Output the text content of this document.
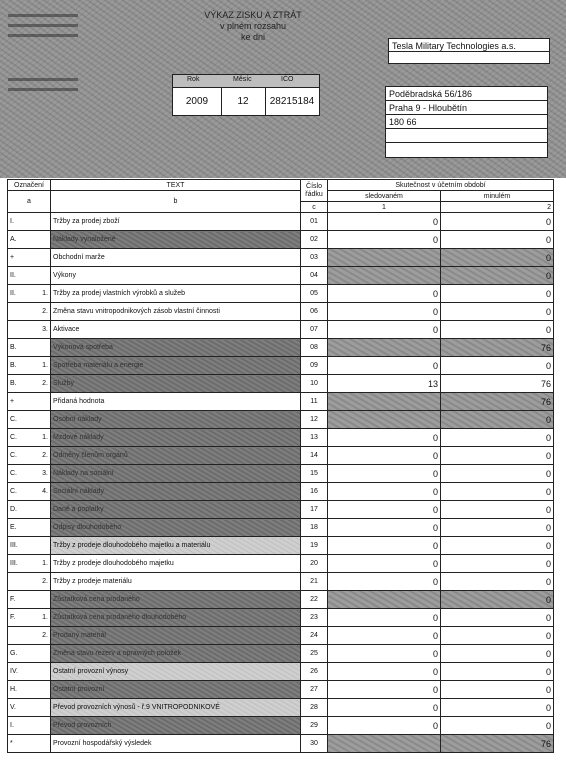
VÝKAZ ZISKU A ZTRÁT
v plném rozsahu
ke dni
Tesla Military Technologies a.s.
Rok	Měsíc	IČO
2009	12	28215184
Poděbradská 56/186
Praha 9 - Hloubětín
180 66
Označení	TEXT	Číslo řádku	Skutečnost v účetním období	
a	b		sledovaném	minulém
		c	1	2
I.	Tržby za prodej zboží	01	0	0
A.	Náklady vynaložené	02	0	0
+	Obchodní marže	03		0
II.	Výkony	04		0
II. 1.	Tržby za prodej vlastních výrobků a služeb	05	0	0

2.	Změna stavu vnitropodnikových zásob vlastní činnosti	06	0	0

3.	Aktivace	07	0	0
B.	Výkonová spotřeba	08		76
B. 1.	Spotřeba materiálu a energie	09	0	0
B. 2.	Služby	10	13	76
+	Přidaná hodnota	11		76
C.	Osobní náklady	12		0
C. 1.	Mzdové náklady	13	0	0
C. 2.	Odměny členům orgánů	14	0	0
C. 3.	Náklady na sociální	15	0	0
C. 4.	Sociální náklady	16	0	0
D.	Daně a poplatky	17	0	0
E.	Odpisy dlouhodobého	18	0	0
III.	Tržby z prodeje dlouhodobého majetku a materiálu	19	0	0
III. 1.	Tržby z prodeje dlouhodobého majetku	20	0	0

2.	Tržby z prodeje materiálu	21	0	0
F.	Zůstatková cena prodaného	22		0
F. 1.	Zůstatková cena prodaného dlouhodobého	23	0	0

2.	Prodaný materiál	24	0	0
G.	Změna stavu rezerv a opravných položek	25	0	0
IV.	Ostatní provozní výnosy	26	0	0
H.	Ostatní provozní	27	0	0
V.	Převod provozních výnosů - ř.9 VNITROPODNIKOVÉ	28	0	0
I.	Převod provozních	29	0	0
*	Provozní hospodářský výsledek	30		76
